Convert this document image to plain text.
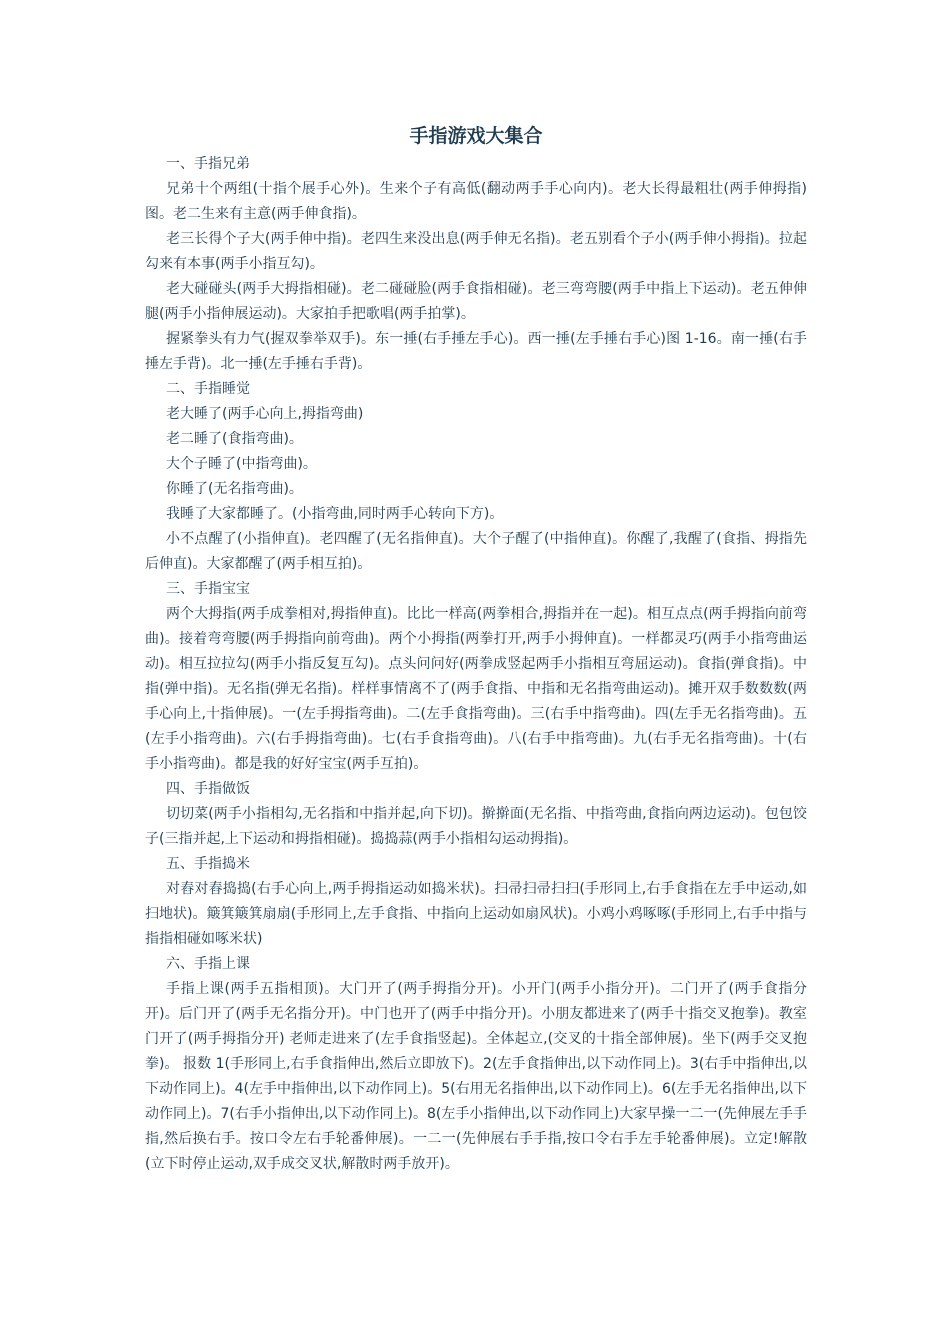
手指游戏大集合

一、手指兄弟

兄弟十个两组(十指个展手心外)。生来个子有高低(翻动两手手心向内)。老大长得最粗壮(两手伸拇指)图。老二生来有主意(两手伸食指)。

老三长得个子大(两手伸中指)。老四生来没出息(两手伸无名指)。老五别看个子小(两手伸小拇指)。拉起勾来有本事(两手小指互勾)。

老大碰碰头(两手大拇指相碰)。老二碰碰脸(两手食指相碰)。老三弯弯腰(两手中指上下运动)。老五伸伸腿(两手小指伸展运动)。大家拍手把歌唱(两手拍掌)。

握紧拳头有力气(握双拳举双手)。东一捶(右手捶左手心)。西一捶(左手捶右手心)图 1-16。南一捶(右手捶左手背)。北一捶(左手捶右手背)。

二、手指睡觉

老大睡了(两手心向上,拇指弯曲)

老二睡了(食指弯曲)。

大个子睡了(中指弯曲)。

你睡了(无名指弯曲)。

我睡了大家都睡了。(小指弯曲,同时两手心转向下方)。

小不点醒了(小指伸直)。老四醒了(无名指伸直)。大个子醒了(中指伸直)。你醒了,我醒了(食指、拇指先后伸直)。大家都醒了(两手相互拍)。

三、手指宝宝

两个大拇指(两手成拳相对,拇指伸直)。比比一样高(两拳相合,拇指并在一起)。相互点点(两手拇指向前弯曲)。接着弯弯腰(两手拇指向前弯曲)。两个小拇指(两拳打开,两手小拇伸直)。一样都灵巧(两手小指弯曲运动)。相互拉拉勾(两手小指反复互勾)。点头问问好(两拳成竖起两手小指相互弯屈运动)。食指(弹食指)。中指(弹中指)。无名指(弹无名指)。样样事情离不了(两手食指、中指和无名指弯曲运动)。摊开双手数数数(两手心向上,十指伸展)。一(左手拇指弯曲)。二(左手食指弯曲)。三(右手中指弯曲)。四(左手无名指弯曲)。五(左手小指弯曲)。六(右手拇指弯曲)。七(右手食指弯曲)。八(右手中指弯曲)。九(右手无名指弯曲)。十(右手小指弯曲)。都是我的好好宝宝(两手互拍)。

四、手指做饭

切切菜(两手小指相勾,无名指和中指并起,向下切)。擀擀面(无名指、中指弯曲,食指向两边运动)。包包饺子(三指并起,上下运动和拇指相碰)。捣捣蒜(两手小指相勾运动拇指)。

五、手指捣米

对舂对舂捣捣(右手心向上,两手拇指运动如捣米状)。扫帚扫帚扫扫(手形同上,右手食指在左手中运动,如扫地状)。簸箕簸箕扇扇(手形同上,左手食指、中指向上运动如扇风状)。小鸡小鸡啄啄(手形同上,右手中指与指指相碰如啄米状)

六、手指上课

手指上课(两手五指相顶)。大门开了(两手拇指分开)。小开门(两手小指分开)。二门开了(两手食指分开)。后门开了(两手无名指分开)。中门也开了(两手中指分开)。小朋友都进来了(两手十指交叉抱拳)。教室门开了(两手拇指分开) 老师走进来了(左手食指竖起)。全体起立,(交叉的十指全部伸展)。坐下(两手交叉抱拳)。 报数 1(手形同上,右手食指伸出,然后立即放下)。2(左手食指伸出,以下动作同上)。3(右手中指伸出,以下动作同上)。4(左手中指伸出,以下动作同上)。5(右用无名指伸出,以下动作同上)。6(左手无名指伸出,以下动作同上)。7(右手小指伸出,以下动作同上)。8(左手小指伸出,以下动作同上)大家早操一二一(先伸展左手手指,然后换右手。按口令左右手轮番伸展)。一二一(先伸展右手手指,按口令右手左手轮番伸展)。立定!解散(立下时停止运动,双手成交叉状,解散时两手放开)。
